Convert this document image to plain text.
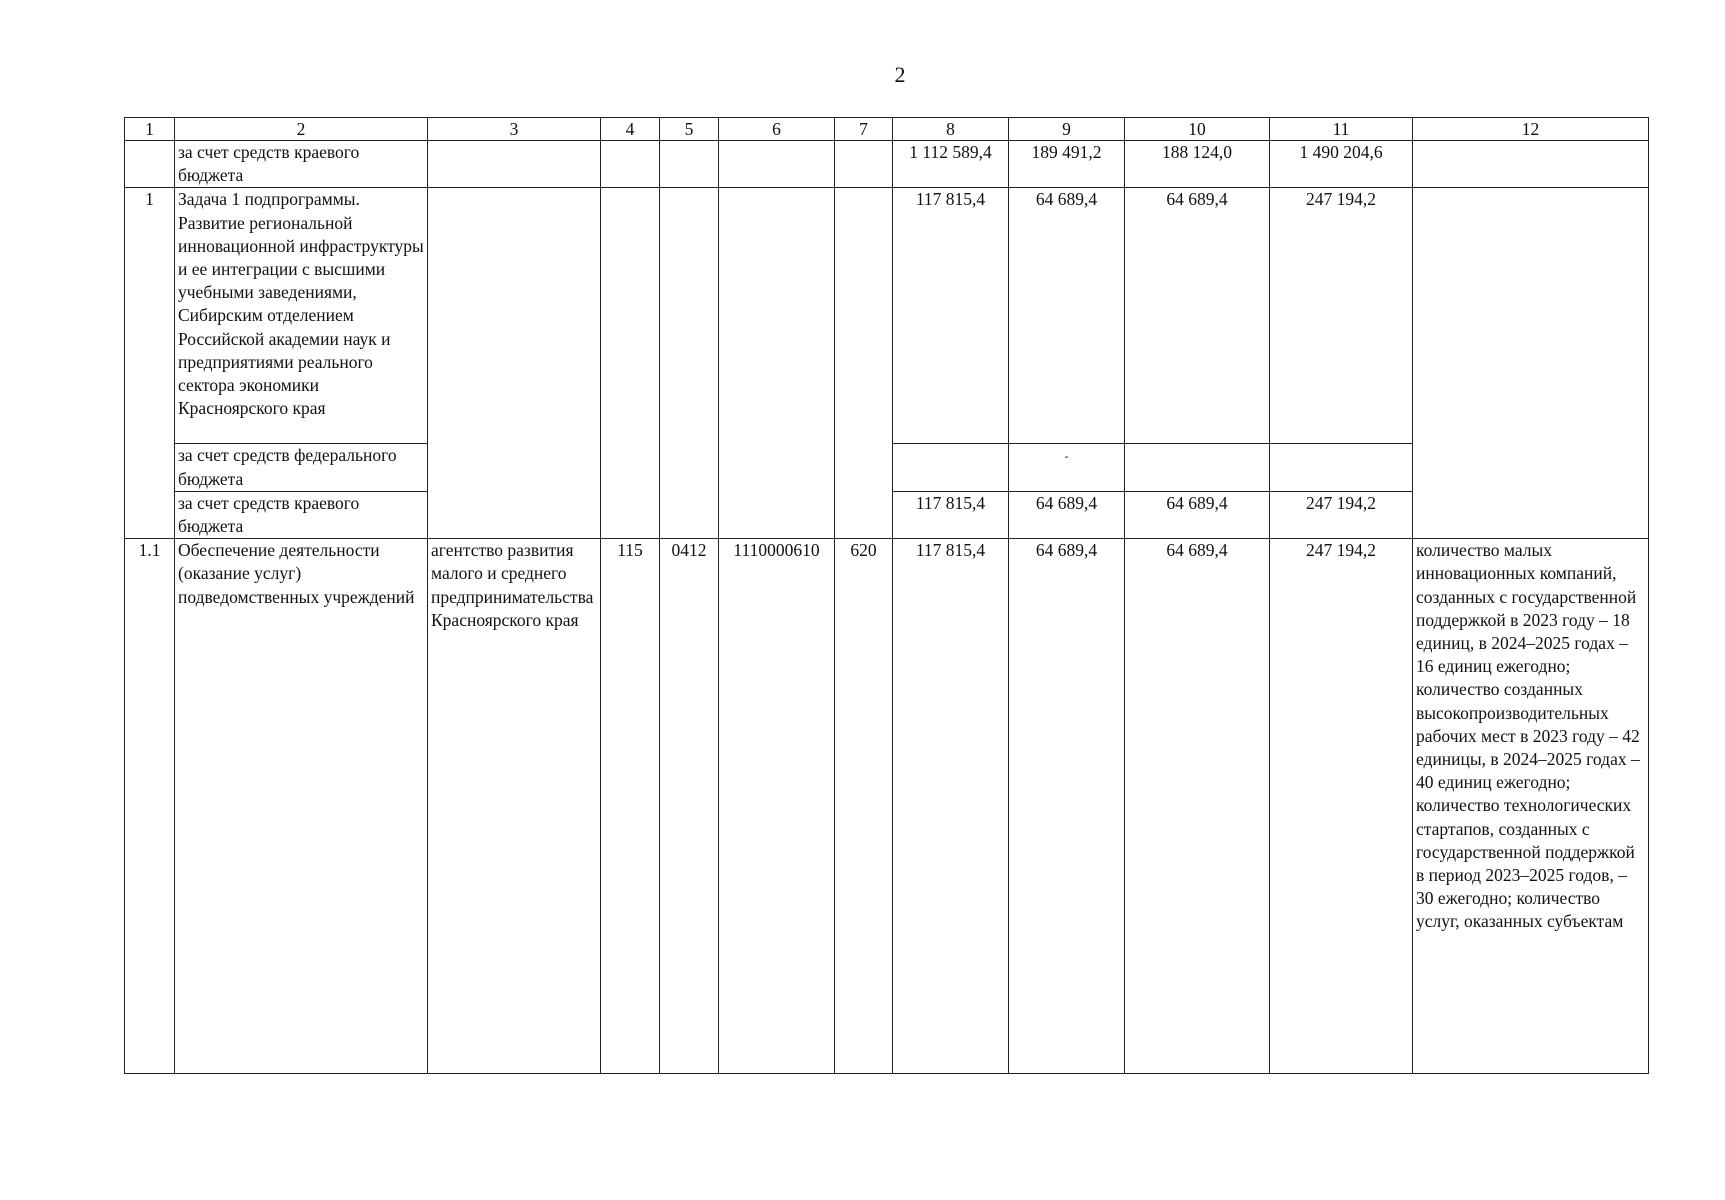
2
1	2	3	4	5	6	7	8	9	10	11	12
	за счет средств краевого бюджета						1 112 589,4	189 491,2	188 124,0	1 490 204,6	
1	Задача 1 подпрограммы. Развитие региональной инновационной инфраструктуры и ее интеграции с высшими учебными заведениями, Сибирским отделением Российской академии наук и предприятиями реального сектора экономики Красноярского края						117 815,4	64 689,4	64 689,4	247 194,2	
	за счет средств федерального бюджета							-			

	за счет средств краевого бюджета						117 815,4	64 689,4	64 689,4	247 194,2	
1.1	Обеспечение деятельности (оказание услуг) подведомственных учреждений	агентство развития малого и среднего предпринимательства Красноярского края	115	0412	1110000610	620	117 815,4	64 689,4	64 689,4	247 194,2	количество малых инновационных компаний, созданных с государственной поддержкой в 2023 году – 18 единиц, в 2024–2025 годах – 16 единиц ежегодно; количество созданных высокопроизводительных рабочих мест в 2023 году – 42 единицы, в 2024–2025 годах – 40 единиц ежегодно; количество технологических стартапов, созданных с государственной поддержкой в период 2023–2025 годов, – 30 ежегодно; количество услуг, оказанных субъектам
